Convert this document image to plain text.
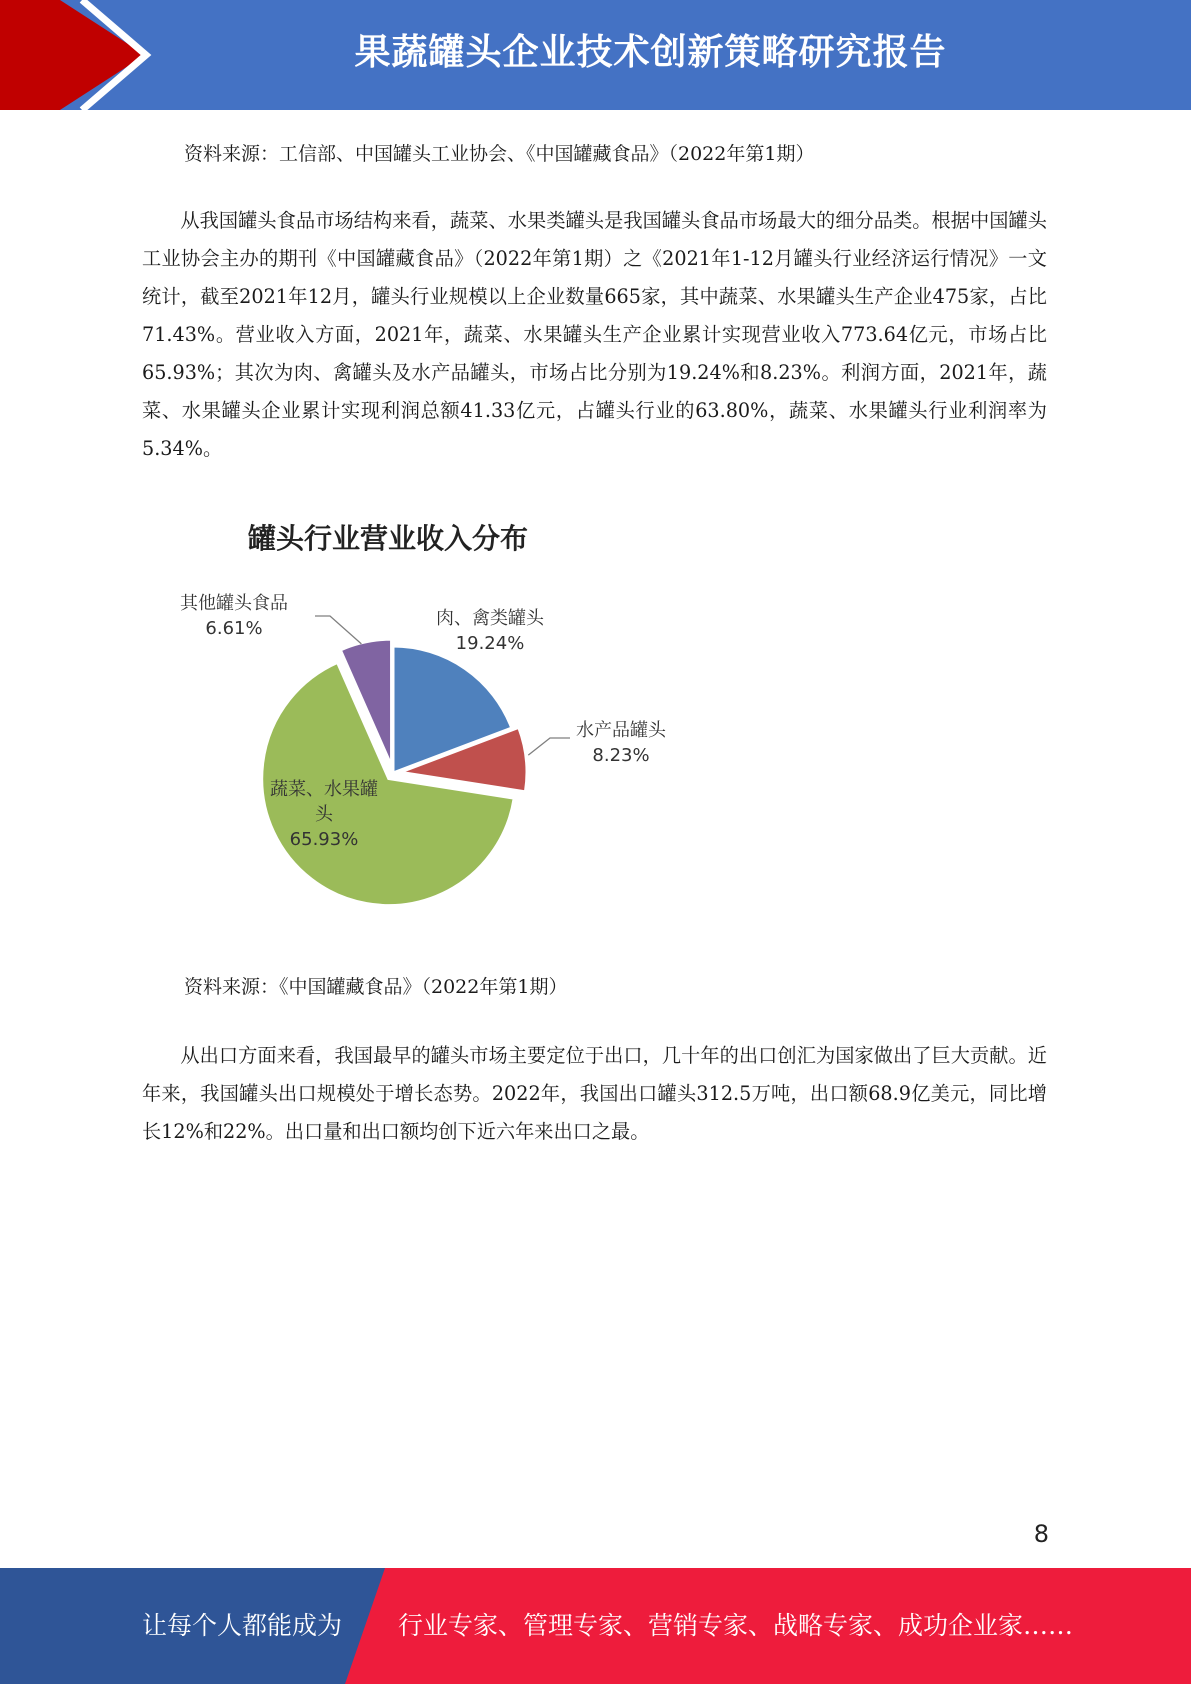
果蔬罐头企业技术创新策略研究报告
资料来源：工信部、中国罐头工业协会、《中国罐藏食品》（2022年第1期）

从我国罐头食品市场结构来看，蔬菜、水果类罐头是我国罐头食品市场最大的细分品类。根据中国罐头工业协会主办的期刊《中国罐藏食品》（2022年第1期）之《2021年1-12月罐头行业经济运行情况》一文统计，截至2021年12月，罐头行业规模以上企业数量665家，其中蔬菜、水果罐头生产企业475家，占比71.43%。营业收入方面，2021年，蔬菜、水果罐头生产企业累计实现营业收入773.64亿元，市场占比65.93%；其次为肉、禽罐头及水产品罐头，市场占比分别为19.24%和8.23%。利润方面，2021年，蔬菜、水果罐头企业累计实现利润总额41.33亿元，占罐头行业的63.80%，蔬菜、水果罐头行业利润率为5.34%。

罐头行业营业收入分布
肉、禽类罐头
19.24%
水产品罐头
8.23%
其他罐头食品
6.61%
蔬菜、水果罐头
65.93%
资料来源：《中国罐藏食品》（2022年第1期）

从出口方面来看，我国最早的罐头市场主要定位于出口，几十年的出口创汇为国家做出了巨大贡献。近年来，我国罐头出口规模处于增长态势。2022年，我国出口罐头312.5万吨，出口额68.9亿美元，同比增长12%和22%。出口量和出口额均创下近六年来出口之最。

8
让每个人都能成为 行业专家、管理专家、营销专家、战略专家、成功企业家……
